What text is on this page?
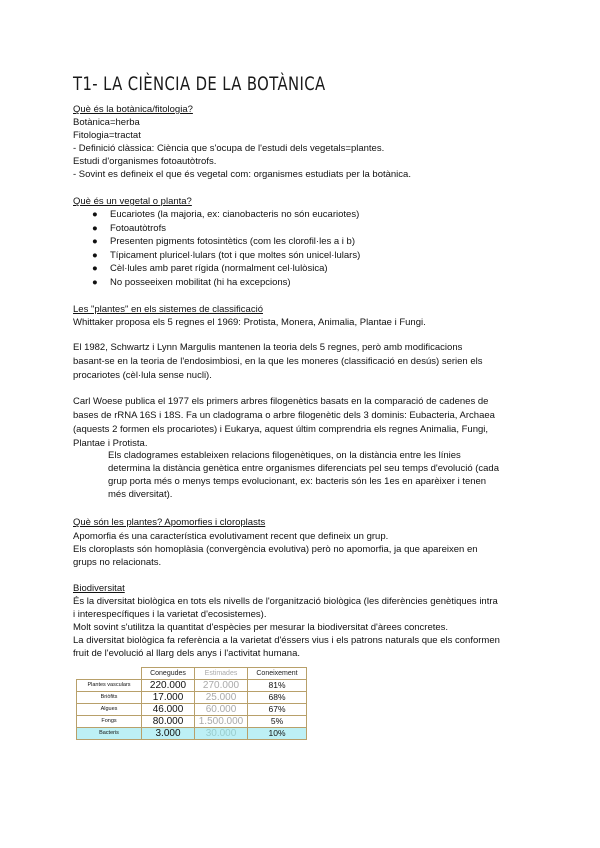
T1- LA CIÈNCIA DE LA BOTÀNICA
Què és la botànica/fitologia?
Botànica=herba
Fitologia=tractat
- Definició clàssica: Ciència que s'ocupa de l'estudi dels vegetals=plantes.
Estudi d'organismes fotoautòtrofs.
- Sovint es defineix el que és vegetal com: organismes estudiats per la botànica.
Què és un vegetal o planta?
● Eucariotes (la majoria, ex: cianobacteris no són eucariotes)
● Fotoautòtrofs
● Presenten pigments fotosintètics (com les clorofil·les a i b)
● Típicament pluricel·lulars (tot i que moltes són unicel·lulars)
● Cèl·lules amb paret rígida (normalment cel·lulòsica)
● No posseeixen mobilitat (hi ha excepcions)
Les "plantes" en els sistemes de classificació
Whittaker proposa els 5 regnes el 1969: Protista, Monera, Animalia, Plantae i Fungi.
El 1982, Schwartz i Lynn Margulis mantenen la teoria dels 5 regnes, però amb modificacions
basant-se en la teoria de l'endosimbiosi, en la que les moneres (classificació en desús) serien els
procariotes (cèl·lula sense nucli).
Carl Woese publica el 1977 els primers arbres filogenètics basats en la comparació de cadenes de
bases de rRNA 16S i 18S. Fa un cladograma o arbre filogenètic dels 3 dominis: Eubacteria, Archaea
(aquests 2 formen els procariotes) i Eukarya, aquest últim comprendria els regnes Animalia, Fungi,
Plantae i Protista.
Els cladogrames estableixen relacions filogenètiques, on la distància entre les línies
determina la distància genètica entre organismes diferenciats pel seu temps d'evolució (cada
grup porta més o menys temps evolucionant, ex: bacteris són les 1es en aparèixer i tenen
més diversitat).
Què són les plantes? Apomorfies i cloroplasts
Apomorfia és una característica evolutivament recent que defineix un grup.
Els cloroplasts són homoplàsia (convergència evolutiva) però no apomorfia, ja que apareixen en
grups no relacionats.
Biodiversitat
És la diversitat biològica en tots els nivells de l'organització biològica (les diferències genètiques intra
i interespecífiques i la varietat d'ecosistemes).
Molt sovint s'utilitza la quantitat d'espècies per mesurar la biodiversitat d'àrees concretes.
La diversitat biològica fa referència a la varietat d'éssers vius i els patrons naturals que els conformen
fruit de l'evolució al llarg dels anys i l'activitat humana.
	Conegudes	Estimades	Coneixement
Plantes vasculars	220.000	270.000	81%
Briòfits	17.000	25.000	68%
Algues	46.000	60.000	67%
Fongs	80.000	1.500.000	5%
Bacteris	3.000	30.000	10%
